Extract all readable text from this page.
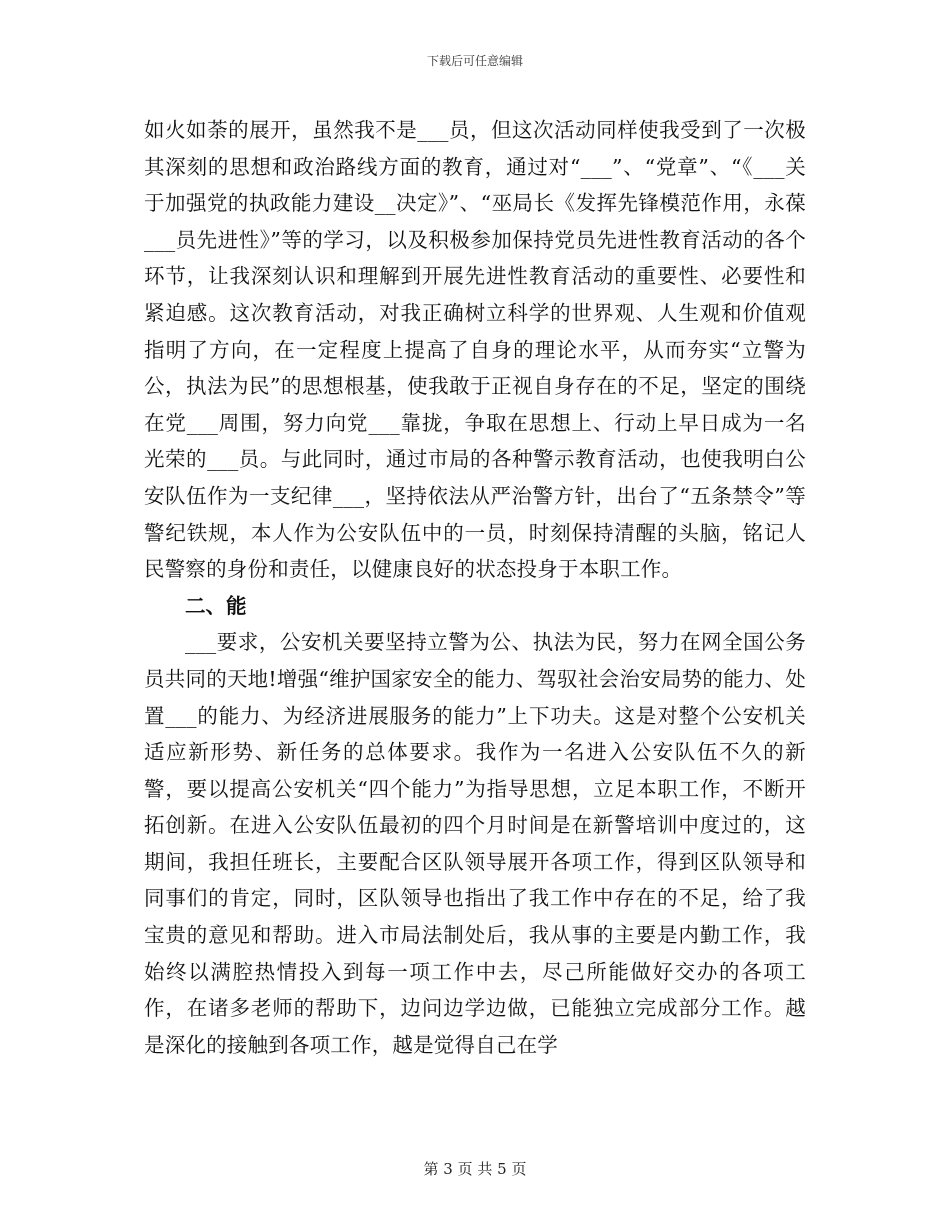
下载后可任意编辑

如火如荼的展开，虽然我不是___员，但这次活动同样使我受到了一次极其深刻的思想和政治路线方面的教育，通过对“___”、“党章”、“《___关于加强党的执政能力建设__决定》”、“巫局长《发挥先锋模范作用，永葆___员先进性》”等的学习，以及积极参加保持党员先进性教育活动的各个环节，让我深刻认识和理解到开展先进性教育活动的重要性、必要性和紧迫感。这次教育活动，对我正确树立科学的世界观、人生观和价值观指明了方向，在一定程度上提高了自身的理论水平，从而夯实“立警为公，执法为民”的思想根基，使我敢于正视自身存在的不足，坚定的围绕在党___周围，努力向党___靠拢，争取在思想上、行动上早日成为一名光荣的___员。与此同时，通过市局的各种警示教育活动，也使我明白公安队伍作为一支纪律___，坚持依法从严治警方针，出台了“五条禁令”等警纪铁规，本人作为公安队伍中的一员，时刻保持清醒的头脑，铭记人民警察的身份和责任，以健康良好的状态投身于本职工作。

二、能

___要求，公安机关要坚持立警为公、执法为民，努力在网全国公务员共同的天地!增强“维护国家安全的能力、驾驭社会治安局势的能力、处置___的能力、为经济进展服务的能力”上下功夫。这是对整个公安机关适应新形势、新任务的总体要求。我作为一名进入公安队伍不久的新警，要以提高公安机关“四个能力”为指导思想，立足本职工作，不断开拓创新。在进入公安队伍最初的四个月时间是在新警培训中度过的，这期间，我担任班长，主要配合区队领导展开各项工作，得到区队领导和同事们的肯定，同时，区队领导也指出了我工作中存在的不足，给了我宝贵的意见和帮助。进入市局法制处后，我从事的主要是内勤工作，我始终以满腔热情投入到每一项工作中去，尽己所能做好交办的各项工作，在诸多老师的帮助下，边问边学边做，已能独立完成部分工作。越是深化的接触到各项工作，越是觉得自己在学

第 3 页 共 5 页
